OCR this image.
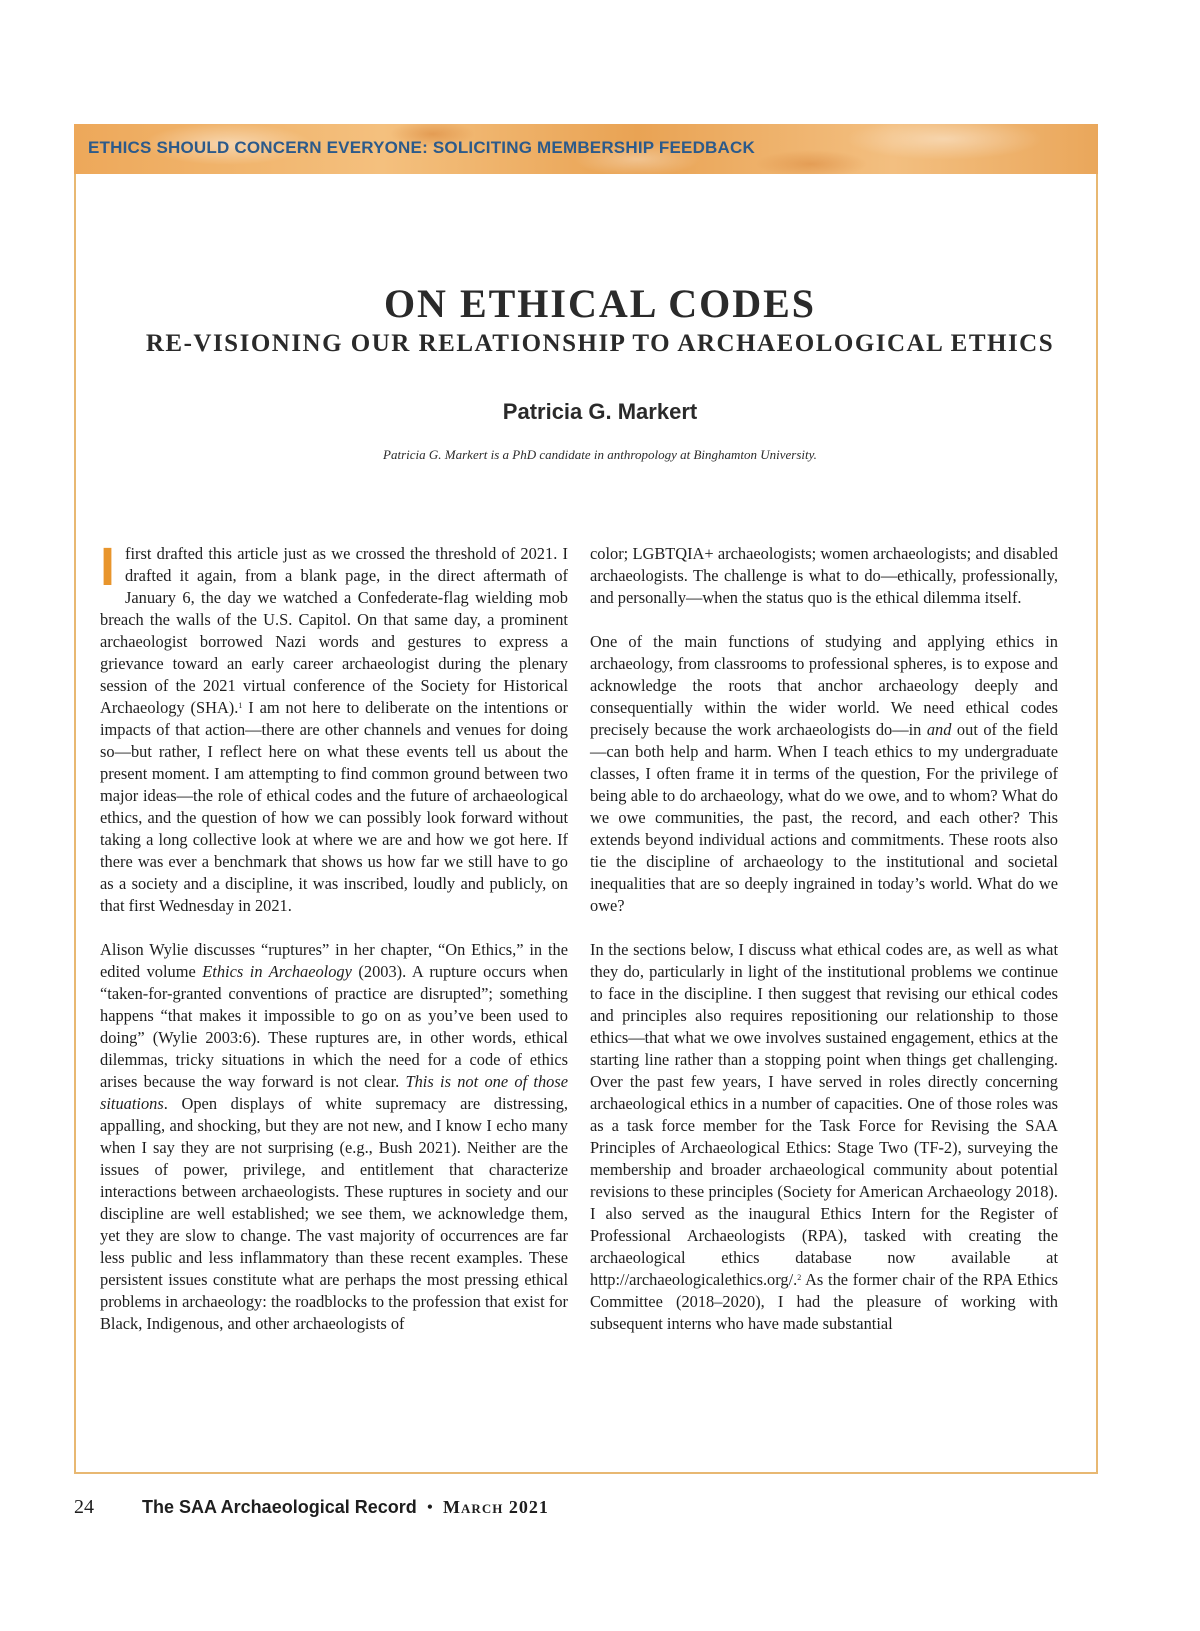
ETHICS SHOULD CONCERN EVERYONE: SOLICITING MEMBERSHIP FEEDBACK
ON ETHICAL CODES
RE-VISIONING OUR RELATIONSHIP TO ARCHAEOLOGICAL ETHICS
Patricia G. Markert
Patricia G. Markert is a PhD candidate in anthropology at Binghamton University.

Ifirst drafted this article just as we crossed the threshold of 2021. I drafted it again, from a blank page, in the direct aftermath of January 6, the day we watched a Confederate-flag wielding mob breach the walls of the U.S. Capitol. On that same day, a prominent archaeologist borrowed Nazi words and gestures to express a grievance toward an early career archaeologist during the plenary session of the 2021 virtual conference of the Society for Historical Archaeology (SHA).$^1$ I am not here to deliberate on the intentions or impacts of that action—there are other channels and venues for doing so—but rather, I reflect here on what these events tell us about the present moment. I am attempting to find common ground between two major ideas—the role of ethical codes and the future of archaeological ethics, and the question of how we can possibly look forward without taking a long collective look at where we are and how we got here. If there was ever a benchmark that shows us how far we still have to go as a society and a discipline, it was inscribed, loudly and publicly, on that first Wednesday in 2021.

Alison Wylie discusses “ruptures” in her chapter, “On Ethics,” in the edited volume Ethics in Archaeology (2003). A rupture occurs when “taken-for-granted conventions of practice are disrupted”; something happens “that makes it impossible to go on as you’ve been used to doing” (Wylie 2003:6). These ruptures are, in other words, ethical dilemmas, tricky situations in which the need for a code of ethics arises because the way forward is not clear. This is not one of those situations. Open displays of white supremacy are distressing, appalling, and shocking, but they are not new, and I know I echo many when I say they are not surprising (e.g., Bush 2021). Neither are the issues of power, privilege, and entitlement that characterize interactions between archaeologists. These ruptures in society and our discipline are well established; we see them, we acknowledge them, yet they are slow to change. The vast majority of occurrences are far less public and less inflammatory than these recent examples. These persistent issues constitute what are perhaps the most pressing ethical problems in archaeology: the roadblocks to the profession that exist for Black, Indigenous, and other archaeologists of

color; LGBTQIA+ archaeologists; women archaeologists; and disabled archaeologists. The challenge is what to do—ethically, professionally, and personally—when the status quo is the ethical dilemma itself.

One of the main functions of studying and applying ethics in archaeology, from classrooms to professional spheres, is to expose and acknowledge the roots that anchor archaeology deeply and consequentially within the wider world. We need ethical codes precisely because the work archaeologists do—in and out of the field—can both help and harm. When I teach ethics to my undergraduate classes, I often frame it in terms of the question, For the privilege of being able to do archaeology, what do we owe, and to whom? What do we owe communities, the past, the record, and each other? This extends beyond individual actions and commitments. These roots also tie the discipline of archaeology to the institutional and societal inequalities that are so deeply ingrained in today’s world. What do we owe?

In the sections below, I discuss what ethical codes are, as well as what they do, particularly in light of the institutional problems we continue to face in the discipline. I then suggest that revising our ethical codes and principles also requires repositioning our relationship to those ethics—that what we owe involves sustained engagement, ethics at the starting line rather than a stopping point when things get challenging. Over the past few years, I have served in roles directly concerning archaeological ethics in a number of capacities. One of those roles was as a task force member for the Task Force for Revising the SAA Principles of Archaeological Ethics: Stage Two (TF-2), surveying the membership and broader archaeological community about potential revisions to these principles (Society for American Archaeology 2018). I also served as the inaugural Ethics Intern for the Register of Professional Archaeologists (RPA), tasked with creating the archaeological ethics database now available at http://archaeologicalethics.org/.$^2$ As the former chair of the RPA Ethics Committee (2018–2020), I had the pleasure of working with subsequent interns who have made substantial

24	The SAA Archaeological Record • March 2021
